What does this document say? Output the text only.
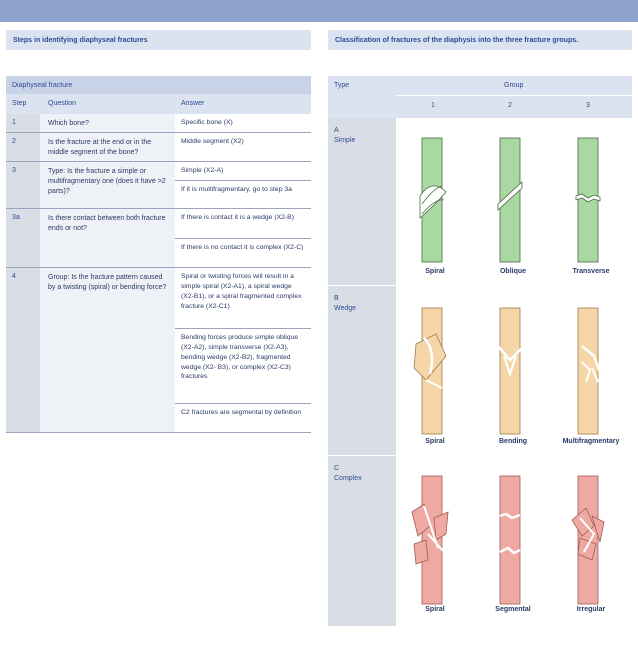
Steps in identifying diaphyseal fractures	Classification of fractures of the diaphysis into the three fracture groups.
Diaphyseal fracture
Step	Question	Answer
1	Which bone?	Specific bone (X)
2	Is the fracture at the end or in the middle segment of the bone?
Middle segment (X2)
3	Type: Is the fracture a simple or multifragmentary one (does it have >2 parts)?
Simple (X2-A)
If it is multifragmentary, go to step 3a
3a	Is there contact between both fracture ends or not?
If there is contact it is a wedge (X2-B)
If there is no contact it is complex (X2-C)
4	Group: Is the fracture pattern caused by a twisting (spiral) or bending force?
Spiral or twisting forces will result in a simple spiral (X2-A1), a spiral wedge (X2-B1), or a spiral fragmented complex fracture (X2-C1)
Bending forces produce simple oblique (X2-A2), simple transverse (X2-A3), bending wedge (X2-B2), fragmented wedge (X2- B3), or complex (X2-C3) fractures
C2 fractures are segmental by definition
Type	Group
1	2	3
A
Simple
Spiral	Oblique	Transverse
B
Wedge
Spiral	Bending	Multifragmentary
C
Complex
Spiral	Segmental	Irregular
